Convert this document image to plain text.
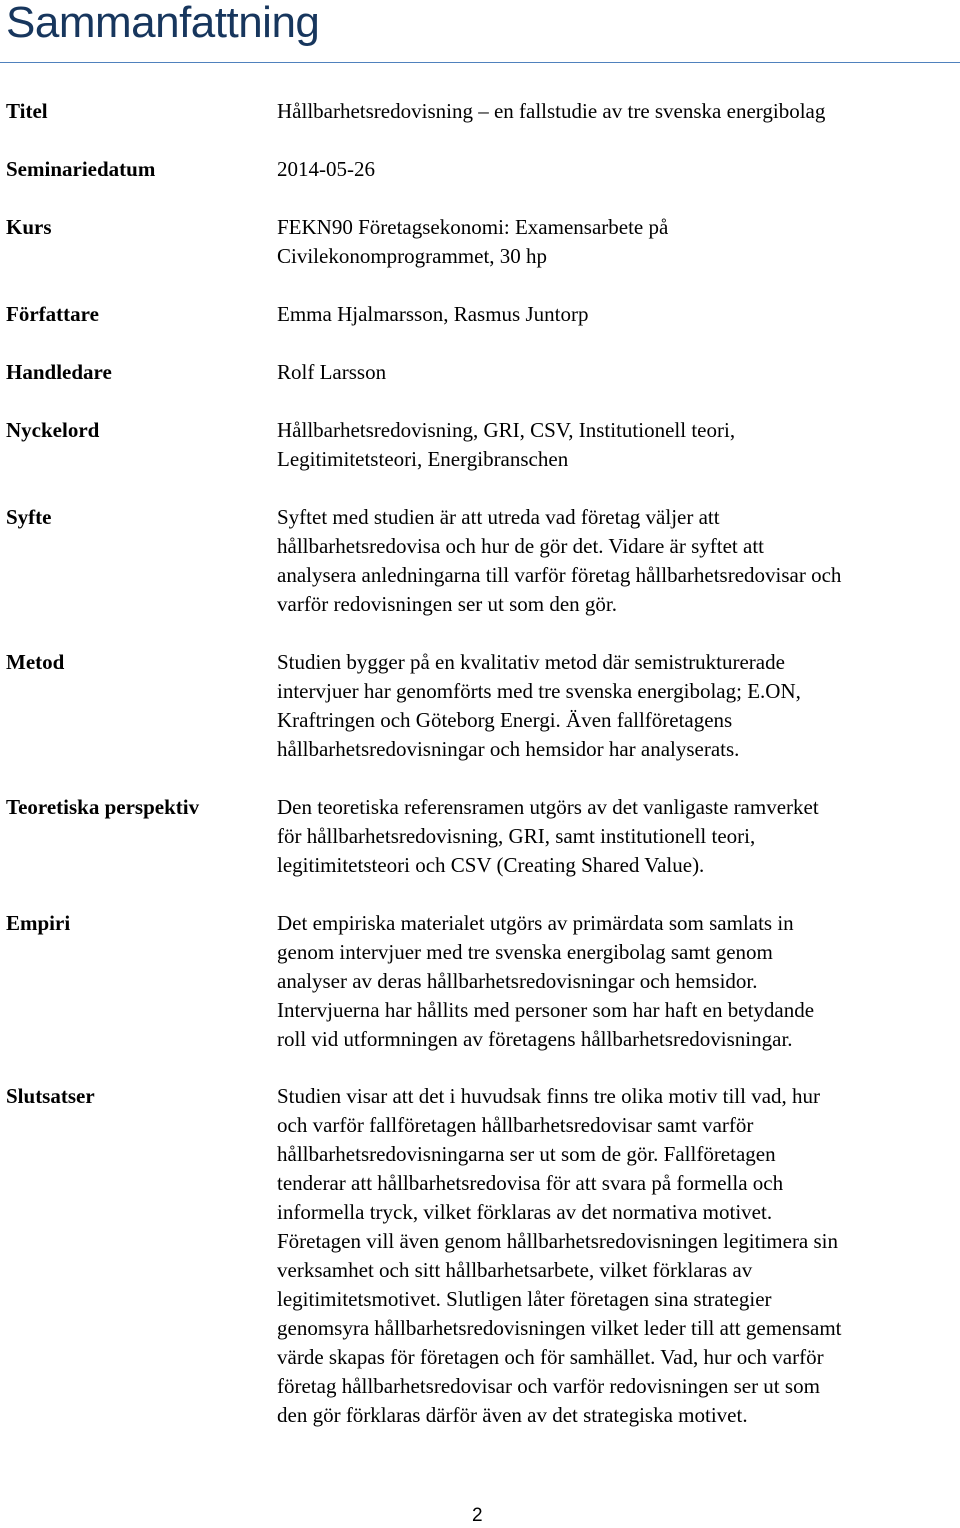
Sammanfattning
Titel	Hållbarhetsredovisning – en fallstudie av tre svenska energibolag
Seminariedatum	2014-05-26
Kurs	FEKN90 Företagsekonomi: Examensarbete på
Civilekonomprogrammet, 30 hp
Författare	Emma Hjalmarsson, Rasmus Juntorp
Handledare	Rolf Larsson
Nyckelord	Hållbarhetsredovisning, GRI, CSV, Institutionell teori,
Legitimitetsteori, Energibranschen
Syfte	Syftet med studien är att utreda vad företag väljer att
hållbarhetsredovisa och hur de gör det. Vidare är syftet att
analysera anledningarna till varför företag hållbarhetsredovisar och
varför redovisningen ser ut som den gör.
Metod	Studien bygger på en kvalitativ metod där semistrukturerade
intervjuer har genomförts med tre svenska energibolag; E.ON,
Kraftringen och Göteborg Energi. Även fallföretagens
hållbarhetsredovisningar och hemsidor har analyserats.
Teoretiska perspektiv	Den teoretiska referensramen utgörs av det vanligaste ramverket
för hållbarhetsredovisning, GRI, samt institutionell teori,
legitimitetsteori och CSV (Creating Shared Value).
Empiri	Det empiriska materialet utgörs av primärdata som samlats in
genom intervjuer med tre svenska energibolag samt genom
analyser av deras hållbarhetsredovisningar och hemsidor.
Intervjuerna har hållits med personer som har haft en betydande
roll vid utformningen av företagens hållbarhetsredovisningar.
Slutsatser	Studien visar att det i huvudsak finns tre olika motiv till vad, hur
och varför fallföretagen hållbarhetsredovisar samt varför
hållbarhetsredovisningarna ser ut som de gör. Fallföretagen
tenderar att hållbarhetsredovisa för att svara på formella och
informella tryck, vilket förklaras av det normativa motivet.
Företagen vill även genom hållbarhetsredovisningen legitimera sin
verksamhet och sitt hållbarhetsarbete, vilket förklaras av
legitimitetsmotivet. Slutligen låter företagen sina strategier
genomsyra hållbarhetsredovisningen vilket leder till att gemensamt
värde skapas för företagen och för samhället. Vad, hur och varför
företag hållbarhetsredovisar och varför redovisningen ser ut som
den gör förklaras därför även av det strategiska motivet.
2
